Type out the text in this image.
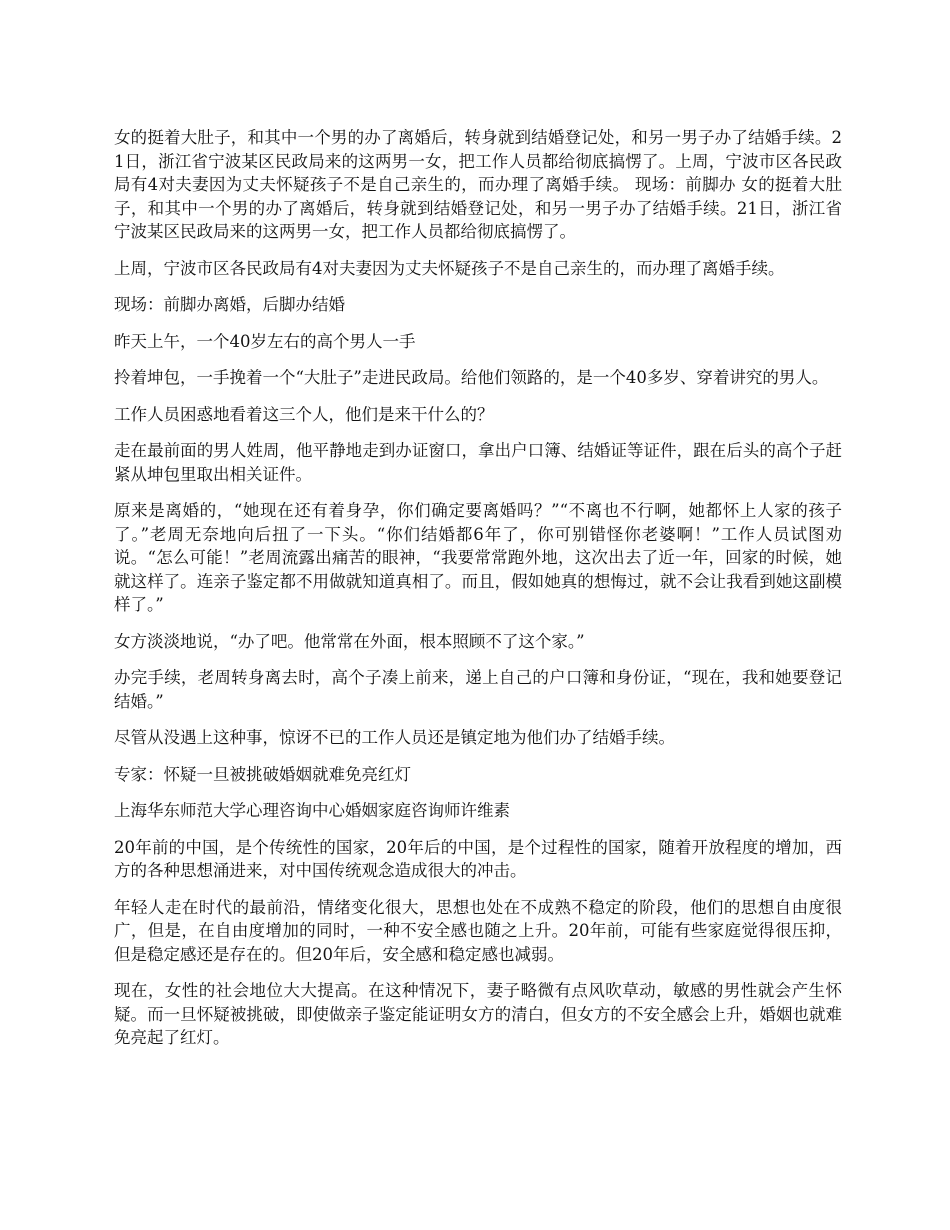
女的挺着大肚子，和其中一个男的办了离婚后，转身就到结婚登记处，和另一男子办了结婚手续。21日，浙江省宁波某区民政局来的这两男一女，把工作人员都给彻底搞愣了。上周，宁波市区各民政局有4对夫妻因为丈夫怀疑孩子不是自己亲生的，而办理了离婚手续。 现场：前脚办 女的挺着大肚子，和其中一个男的办了离婚后，转身就到结婚登记处，和另一男子办了结婚手续。21日，浙江省宁波某区民政局来的这两男一女，把工作人员都给彻底搞愣了。

上周，宁波市区各民政局有4对夫妻因为丈夫怀疑孩子不是自己亲生的，而办理了离婚手续。

现场：前脚办离婚，后脚办结婚

昨天上午，一个40岁左右的高个男人一手

拎着坤包，一手挽着一个“大肚子”走进民政局。给他们领路的，是一个40多岁、穿着讲究的男人。

工作人员困惑地看着这三个人，他们是来干什么的？

走在最前面的男人姓周，他平静地走到办证窗口，拿出户口簿、结婚证等证件，跟在后头的高个子赶紧从坤包里取出相关证件。

原来是离婚的，“她现在还有着身孕，你们确定要离婚吗？”“不离也不行啊，她都怀上人家的孩子了。”老周无奈地向后扭了一下头。“你们结婚都6年了，你可别错怪你老婆啊！”工作人员试图劝说。“怎么可能！”老周流露出痛苦的眼神，“我要常常跑外地，这次出去了近一年，回家的时候，她就这样了。连亲子鉴定都不用做就知道真相了。而且，假如她真的想悔过，就不会让我看到她这副模样了。”

女方淡淡地说，“办了吧。他常常在外面，根本照顾不了这个家。”

办完手续，老周转身离去时，高个子凑上前来，递上自己的户口簿和身份证，“现在，我和她要登记结婚。”

尽管从没遇上这种事，惊讶不已的工作人员还是镇定地为他们办了结婚手续。

专家：怀疑一旦被挑破婚姻就难免亮红灯

上海华东师范大学心理咨询中心婚姻家庭咨询师许维素

20年前的中国，是个传统性的国家，20年后的中国，是个过程性的国家，随着开放程度的增加，西方的各种思想涌进来，对中国传统观念造成很大的冲击。

年轻人走在时代的最前沿，情绪变化很大，思想也处在不成熟不稳定的阶段，他们的思想自由度很广，但是，在自由度增加的同时，一种不安全感也随之上升。20年前，可能有些家庭觉得很压抑，但是稳定感还是存在的。但20年后，安全感和稳定感也减弱。

现在，女性的社会地位大大提高。在这种情况下，妻子略微有点风吹草动，敏感的男性就会产生怀疑。而一旦怀疑被挑破，即使做亲子鉴定能证明女方的清白，但女方的不安全感会上升，婚姻也就难免亮起了红灯。
